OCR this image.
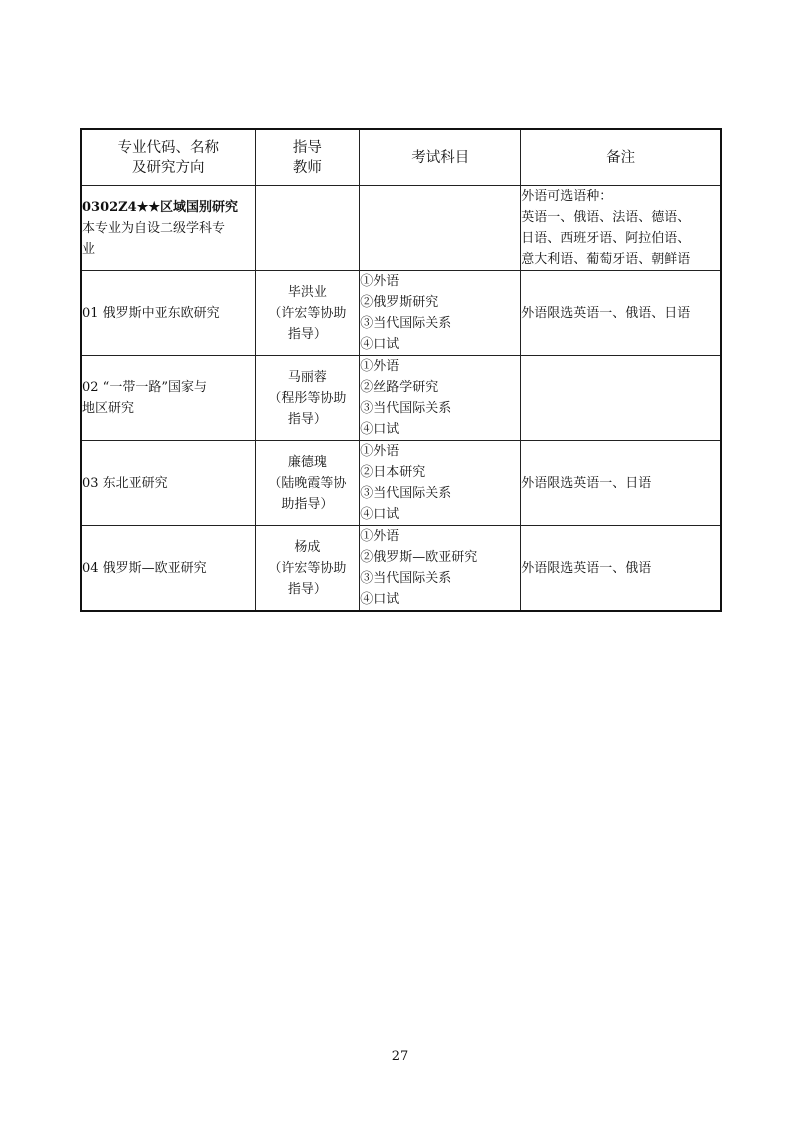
专业代码、名称
及研究方向	指导
教师	考试科目	备注

0302Z4★★区域国别研究
本专业为自设二级学科专
业			外语可选语种：
英语一、俄语、法语、德语、
日语、西班牙语、阿拉伯语、
意大利语、葡萄牙语、朝鲜语

01 俄罗斯中亚东欧研究	毕洪业
（许宏等协助
指导）	①外语
②俄罗斯研究
③当代国际关系
④口试	外语限选英语一、俄语、日语

02 “一带一路”国家与
地区研究	马丽蓉
（程彤等协助
指导）	①外语
②丝路学研究
③当代国际关系
④口试	

03 东北亚研究	廉德瑰
（陆晚霞等协
助指导）	①外语
②日本研究
③当代国际关系
④口试	外语限选英语一、日语

04 俄罗斯—欧亚研究	杨成
（许宏等协助
指导）	①外语
②俄罗斯—欧亚研究
③当代国际关系
④口试	外语限选英语一、俄语
27
